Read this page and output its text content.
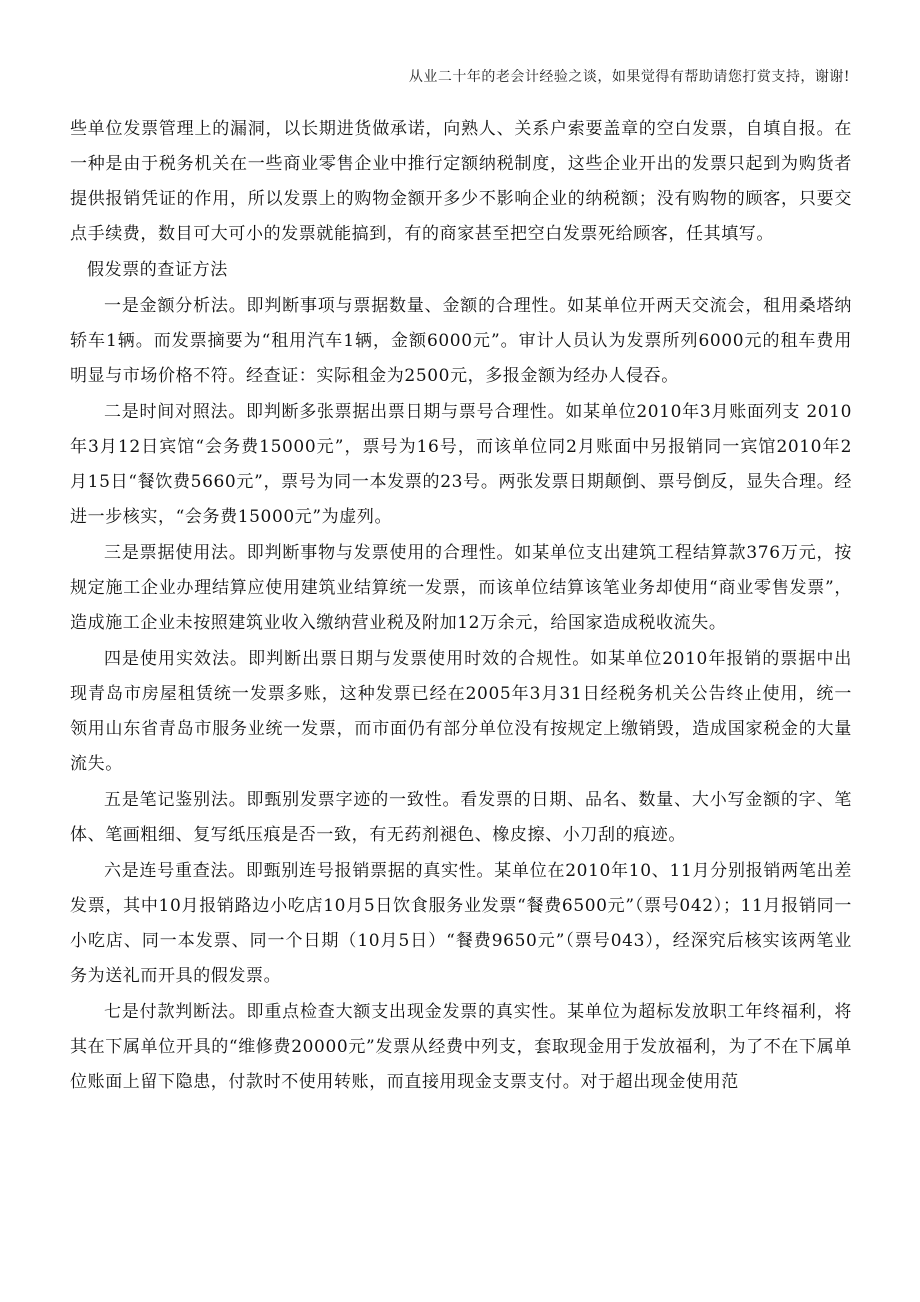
从业二十年的老会计经验之谈，如果觉得有帮助请您打赏支持，谢谢!

些单位发票管理上的漏洞，以长期进货做承诺，向熟人、关系户索要盖章的空白发票，自填自报。在一种是由于税务机关在一些商业零售企业中推行定额纳税制度，这些企业开出的发票只起到为购货者提供报销凭证的作用，所以发票上的购物金额开多少不影响企业的纳税额；没有购物的顾客，只要交点手续费，数目可大可小的发票就能搞到，有的商家甚至把空白发票死给顾客，任其填写。

假发票的查证方法

一是金额分析法。即判断事项与票据数量、金额的合理性。如某单位开两天交流会，租用桑塔纳轿车1辆。而发票摘要为“租用汽车1辆，金额6000元”。审计人员认为发票所列6000元的租车费用明显与市场价格不符。经查证：实际租金为2500元，多报金额为经办人侵吞。

二是时间对照法。即判断多张票据出票日期与票号合理性。如某单位2010年3月账面列支 2010年3月12日宾馆“会务费15000元”，票号为16号，而该单位同2月账面中另报销同一宾馆2010年2月15日“餐饮费5660元”，票号为同一本发票的23号。两张发票日期颠倒、票号倒反，显失合理。经进一步核实，“会务费15000元”为虚列。

三是票据使用法。即判断事物与发票使用的合理性。如某单位支出建筑工程结算款376万元，按规定施工企业办理结算应使用建筑业结算统一发票，而该单位结算该笔业务却使用“商业零售发票”，造成施工企业未按照建筑业收入缴纳营业税及附加12万余元，给国家造成税收流失。

四是使用实效法。即判断出票日期与发票使用时效的合规性。如某单位2010年报销的票据中出现青岛市房屋租赁统一发票多账，这种发票已经在2005年3月31日经税务机关公告终止使用，统一领用山东省青岛市服务业统一发票，而市面仍有部分单位没有按规定上缴销毁，造成国家税金的大量流失。

五是笔记鉴别法。即甄别发票字迹的一致性。看发票的日期、品名、数量、大小写金额的字、笔体、笔画粗细、复写纸压痕是否一致，有无药剂褪色、橡皮擦、小刀刮的痕迹。

六是连号重查法。即甄别连号报销票据的真实性。某单位在2010年10、11月分别报销两笔出差发票，其中10月报销路边小吃店10月5日饮食服务业发票“餐费6500元”（票号042）；11月报销同一小吃店、同一本发票、同一个日期（10月5日）“餐费9650元”（票号043），经深究后核实该两笔业务为送礼而开具的假发票。

七是付款判断法。即重点检查大额支出现金发票的真实性。某单位为超标发放职工年终福利，将其在下属单位开具的“维修费20000元”发票从经费中列支，套取现金用于发放福利，为了不在下属单位账面上留下隐患，付款时不使用转账，而直接用现金支票支付。对于超出现金使用范
